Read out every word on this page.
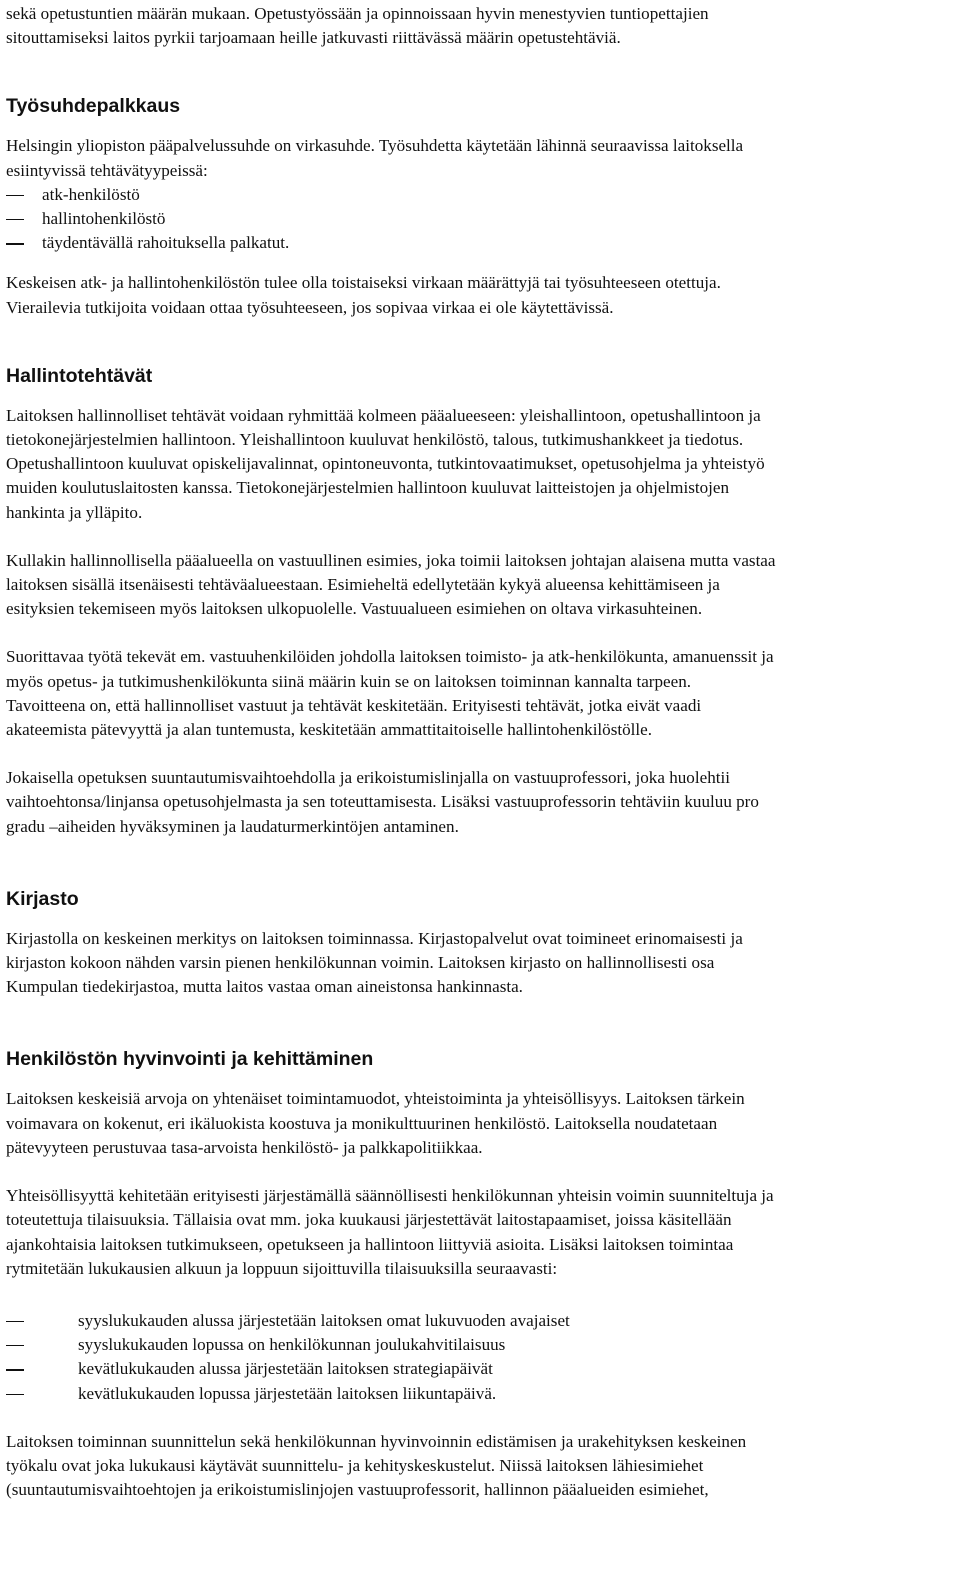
sekä opetustuntien määrän mukaan. Opetustyössään ja opinnoissaan hyvin menestyvien tuntiopettajien
sitouttamiseksi laitos pyrkii tarjoamaan heille jatkuvasti riittävässä määrin opetustehtäviä.

Työsuhdepalkkaus

Helsingin yliopiston pääpalvelussuhde on virkasuhde. Työsuhdetta käytetään lähinnä seuraavissa laitoksella
esiintyvissä tehtävätyypeissä:

atk-henkilöstö
hallintohenkilöstö
täydentävällä rahoituksella palkatut.

Keskeisen atk- ja hallintohenkilöstön tulee olla toistaiseksi virkaan määrättyjä tai työsuhteeseen otettuja.
Vierailevia tutkijoita voidaan ottaa työsuhteeseen, jos sopivaa virkaa ei ole käytettävissä.

Hallintotehtävät

Laitoksen hallinnolliset tehtävät voidaan ryhmittää kolmeen pääalueeseen: yleishallintoon, opetushallintoon ja
tietokonejärjestelmien hallintoon. Yleishallintoon kuuluvat henkilöstö, talous, tutkimushankkeet ja tiedotus.
Opetushallintoon kuuluvat opiskelijavalinnat, opintoneuvonta, tutkintovaatimukset, opetusohjelma ja yhteistyö
muiden koulutuslaitosten kanssa. Tietokonejärjestelmien hallintoon kuuluvat laitteistojen ja ohjelmistojen
hankinta ja ylläpito.

Kullakin hallinnollisella pääalueella on vastuullinen esimies, joka toimii laitoksen johtajan alaisena mutta vastaa
laitoksen sisällä itsenäisesti tehtäväalueestaan. Esimieheltä edellytetään kykyä alueensa kehittämiseen ja
esityksien tekemiseen myös laitoksen ulkopuolelle. Vastuualueen esimiehen on oltava virkasuhteinen.

Suorittavaa työtä tekevät em. vastuuhenkilöiden johdolla laitoksen toimisto- ja atk-henkilökunta, amanuenssit ja
myös opetus- ja tutkimushenkilökunta siinä määrin kuin se on laitoksen toiminnan kannalta tarpeen.
Tavoitteena on, että hallinnolliset vastuut ja tehtävät keskitetään. Erityisesti tehtävät, jotka eivät vaadi
akateemista pätevyyttä ja alan tuntemusta, keskitetään ammattitaitoiselle hallintohenkilöstölle.

Jokaisella opetuksen suuntautumisvaihtoehdolla ja erikoistumislinjalla on vastuuprofessori, joka huolehtii
vaihtoehtonsa/linjansa opetusohjelmasta ja sen toteuttamisesta. Lisäksi vastuuprofessorin tehtäviin kuuluu pro
gradu –aiheiden hyväksyminen ja laudaturmerkintöjen antaminen.

Kirjasto

Kirjastolla on keskeinen merkitys on laitoksen toiminnassa. Kirjastopalvelut ovat toimineet erinomaisesti ja
kirjaston kokoon nähden varsin pienen henkilökunnan voimin. Laitoksen kirjasto on hallinnollisesti osa
Kumpulan tiedekirjastoa, mutta laitos vastaa oman aineistonsa hankinnasta.

Henkilöstön hyvinvointi ja kehittäminen

Laitoksen keskeisiä arvoja on yhtenäiset toimintamuodot, yhteistoiminta ja yhteisöllisyys. Laitoksen tärkein
voimavara on kokenut, eri ikäluokista koostuva ja monikulttuurinen henkilöstö. Laitoksella noudatetaan
pätevyyteen perustuvaa tasa-arvoista henkilöstö- ja palkkapolitiikkaa.

Yhteisöllisyyttä kehitetään erityisesti järjestämällä säännöllisesti henkilökunnan yhteisin voimin suunniteltuja ja
toteutettuja tilaisuuksia. Tällaisia ovat mm. joka kuukausi järjestettävät laitostapaamiset, joissa käsitellään
ajankohtaisia laitoksen tutkimukseen, opetukseen ja hallintoon liittyviä asioita. Lisäksi laitoksen toimintaa
rytmitetään lukukausien alkuun ja loppuun sijoittuvilla tilaisuuksilla seuraavasti:

syyslukukauden alussa järjestetään laitoksen omat lukuvuoden avajaiset
syyslukukauden lopussa on henkilökunnan joulukahvitilaisuus
kevätlukukauden alussa järjestetään laitoksen strategiapäivät
kevätlukukauden lopussa järjestetään laitoksen liikuntapäivä.

Laitoksen toiminnan suunnittelun sekä henkilökunnan hyvinvoinnin edistämisen ja urakehityksen keskeinen
työkalu ovat joka lukukausi käytävät suunnittelu- ja kehityskeskustelut. Niissä laitoksen lähiesimiehet
(suuntautumisvaihtoehtojen ja erikoistumislinjojen vastuuprofessorit, hallinnon pääalueiden esimiehet,
